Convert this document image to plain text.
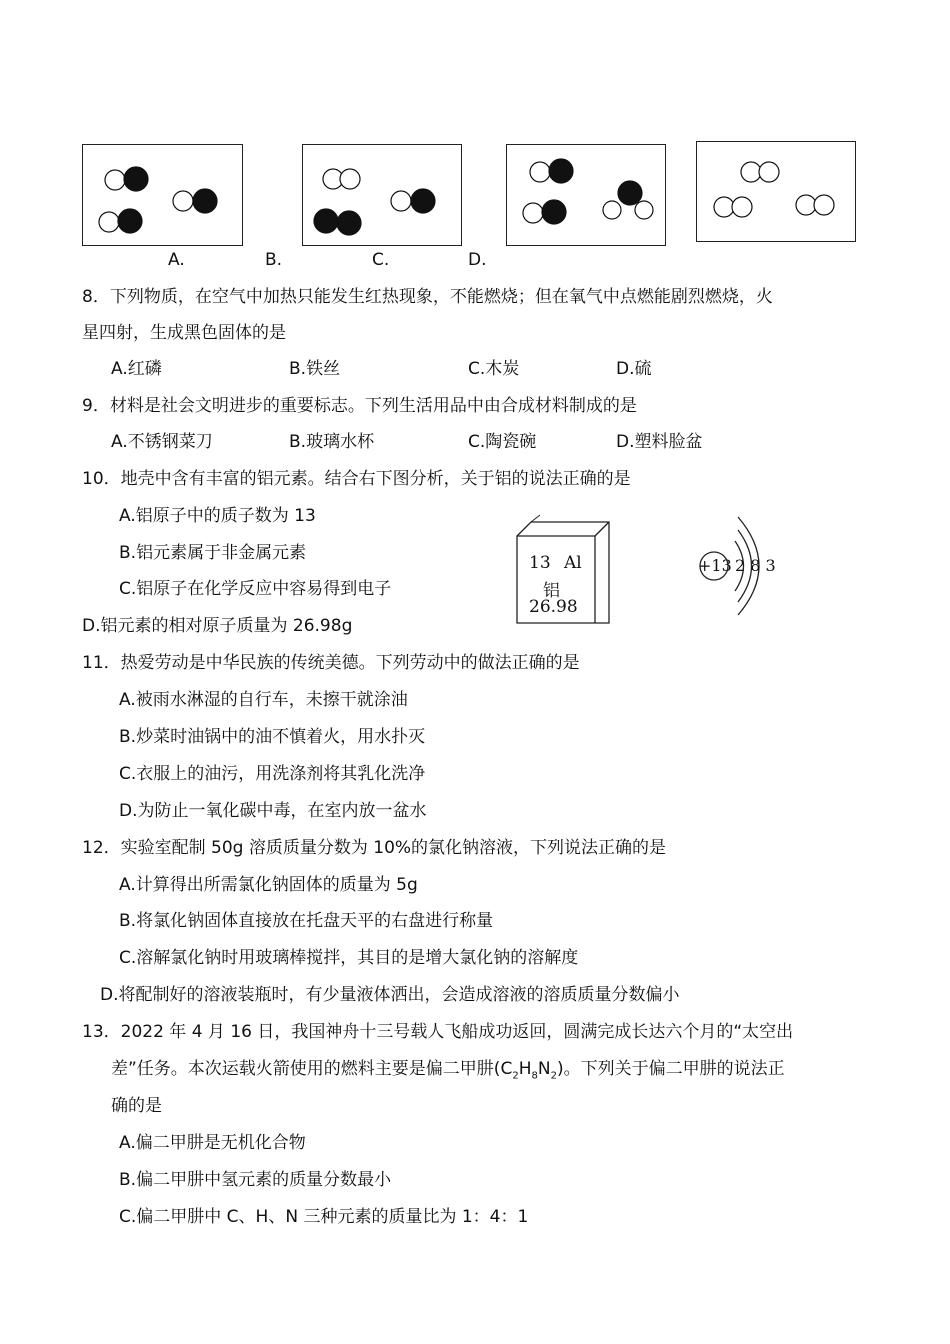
A.	B.	C.	D.
8．下列物质，在空气中加热只能发生红热现象，不能燃烧；但在氧气中点燃能剧烈燃烧，火
星四射，生成黑色固体的是
A.红磷	B.铁丝	C.木炭	D.硫
9．材料是社会文明进步的重要标志。下列生活用品中由合成材料制成的是
A.不锈钢菜刀	B.玻璃水杯	C.陶瓷碗	D.塑料脸盆
10．地壳中含有丰富的铝元素。结合右下图分析，关于铝的说法正确的是
A.铝原子中的质子数为 13
B.铝元素属于非金属元素
C.铝原子在化学反应中容易得到电子
D.铝元素的相对原子质量为 26.98g
13 Al
铝
26.98
+13 2 8 3
11．热爱劳动是中华民族的传统美德。下列劳动中的做法正确的是
A.被雨水淋湿的自行车，未擦干就涂油
B.炒菜时油锅中的油不慎着火，用水扑灭
C.衣服上的油污，用洗涤剂将其乳化洗净
D.为防止一氧化碳中毒，在室内放一盆水
12．实验室配制 50g 溶质质量分数为 10%的氯化钠溶液，下列说法正确的是
A.计算得出所需氯化钠固体的质量为 5g
B.将氯化钠固体直接放在托盘天平的右盘进行称量
C.溶解氯化钠时用玻璃棒搅拌，其目的是增大氯化钠的溶解度
D.将配制好的溶液装瓶时，有少量液体洒出，会造成溶液的溶质质量分数偏小
13．2022 年 4 月 16 日，我国神舟十三号载人飞船成功返回，圆满完成长达六个月的“太空出
差”任务。本次运载火箭使用的燃料主要是偏二甲肼$(C_2H_8N_2)$。下列关于偏二甲肼的说法正
确的是
A.偏二甲肼是无机化合物
B.偏二甲肼中氢元素的质量分数最小
C.偏二甲肼中 C、H、N 三种元素的质量比为 1：4：1
